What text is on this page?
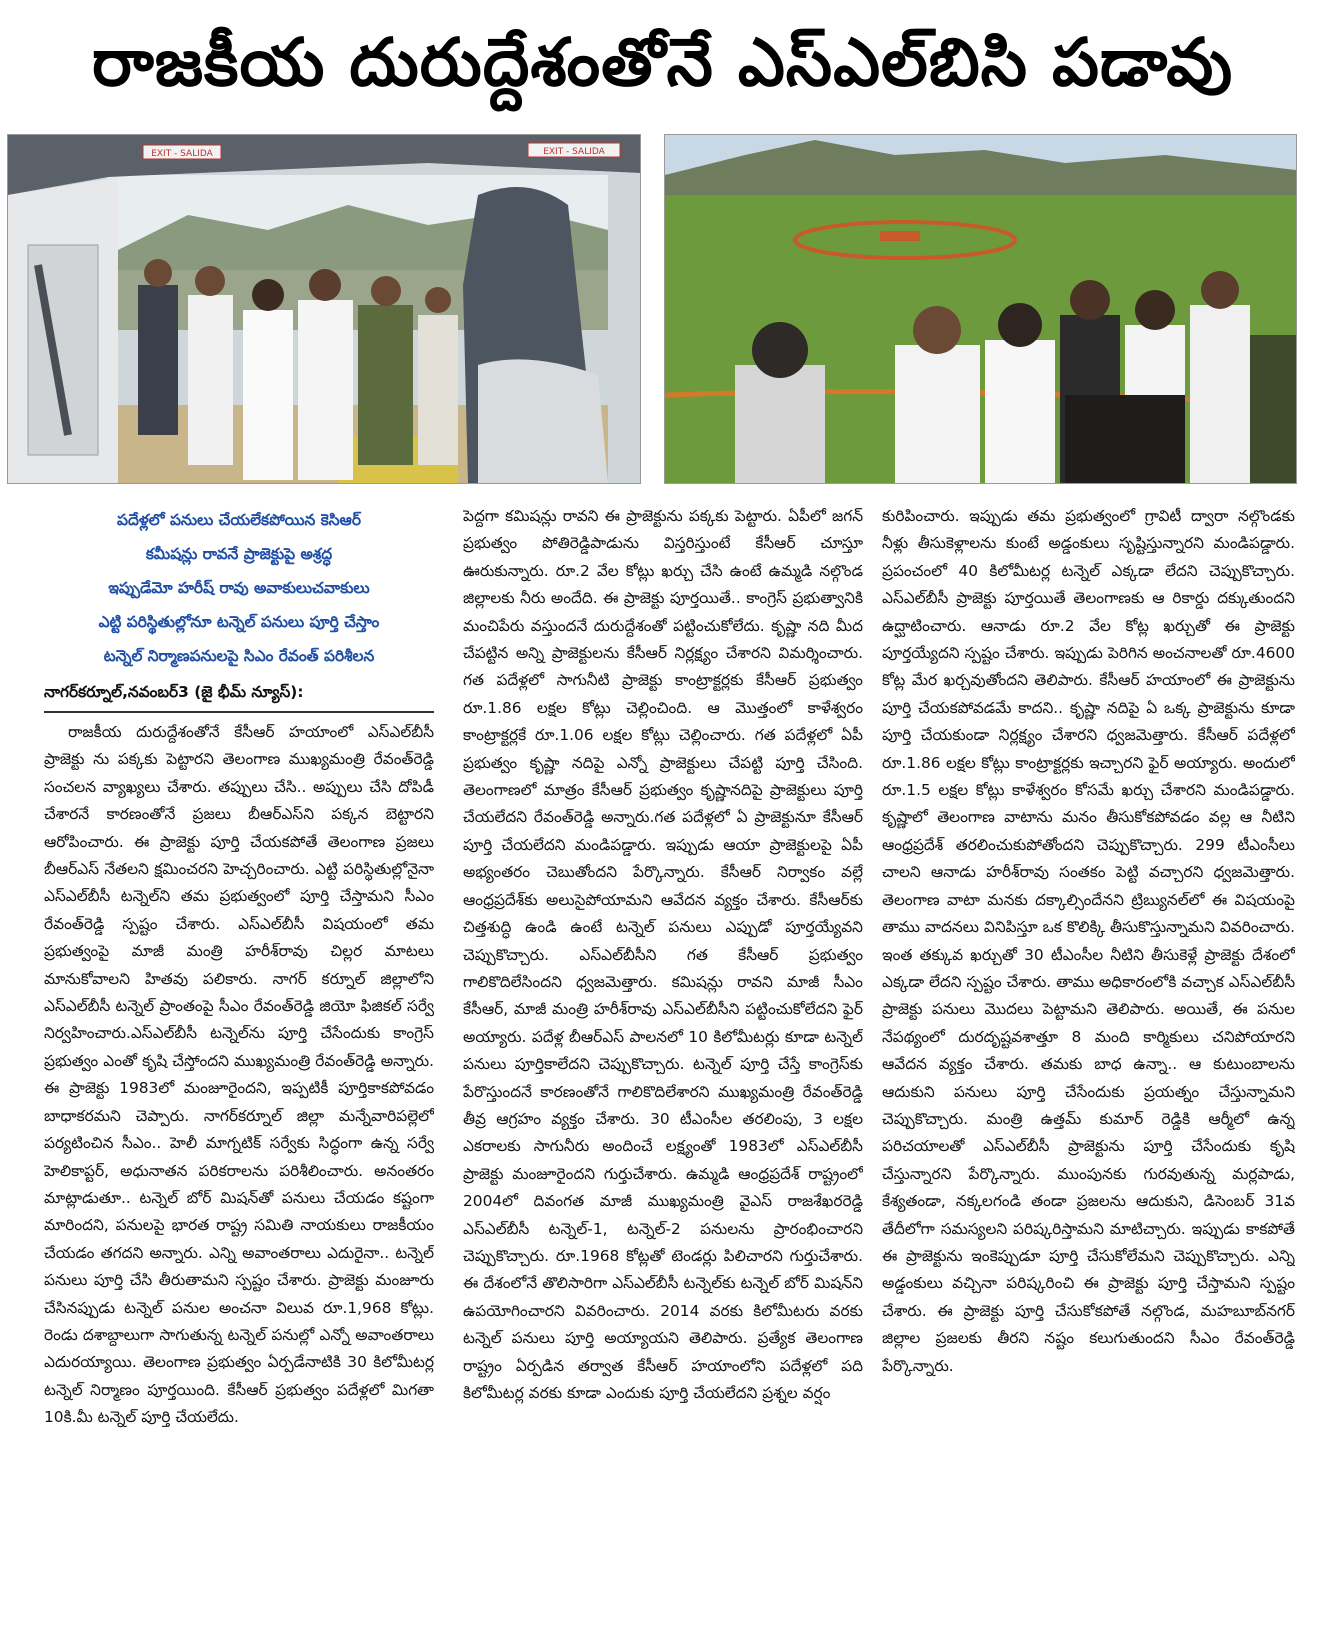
రాజకీయ దురుద్దేశంతోనే ఎస్ఎల్‌బిసి పడావు
EXIT - SALIDA	EXIT - SALIDA
పదేళ్లలో పనులు చేయలేకపోయిన కెసిఆర్
కమీషన్లు రావనే ప్రాజెక్టుపై అశ్రద్ధ
ఇప్పుడేమో హరీష్ రావు అవాకులుచవాకులు
ఎట్టి పరిస్థితుల్లోనూ టన్నెల్ పనులు పూర్తి చేస్తాం
టన్నెల్ నిర్మాణపనులపై సిఎం రేవంత్ పరిశీలన
నాగర్‌కర్నూల్,నవంబర్3 (జై భీమ్ న్యూస్):

రాజకీయ దురుద్దేశంతోనే కేసీఆర్ హయాంలో ఎస్‌ఎల్‌బీసీ ప్రాజెక్టు ను పక్కకు పెట్టారని తెలంగాణ ముఖ్యమంత్రి రేవంత్‌రెడ్డి సంచలన వ్యాఖ్యలు చేశారు. తప్పులు చేసి.. అప్పులు చేసి దోపిడీ చేశారనే కారణంతోనే ప్రజలు బీఆర్‌ఎస్‌ని పక్కన బెట్టారని ఆరోపించారు. ఈ ప్రాజెక్టు పూర్తి చేయకపోతే తెలంగాణ ప్రజలు బీఆర్‌ఎస్ నేతలని క్షమించరని హెచ్చరించారు. ఎట్టి పరిస్థితుల్లోనైనా ఎస్‌ఎల్‌బీసీ టన్నెల్‌ని తమ ప్రభుత్వంలో పూర్తి చేస్తామని సీఎం రేవంత్‌రెడ్డి స్పష్టం చేశారు. ఎస్‌ఎల్‌బీసీ విషయంలో తమ ప్రభుత్వంపై మాజీ మంత్రి హరీశ్‌రావు చిల్లర మాటలు మానుకోవాలని హితవు పలికారు. నాగర్ కర్నూల్ జిల్లాలోని ఎస్‌ఎల్‌బీసీ టన్నెల్ ప్రాంతంపై సీఎం రేవంత్‌రెడ్డి జియో ఫిజికల్ సర్వే నిర్వహించారు.ఎస్‌ఎల్‌బీసీ టన్నెల్‌ను పూర్తి చేసేందుకు కాంగ్రెస్ ప్రభుత్వం ఎంతో కృషి చేస్తోందని ముఖ్యమంత్రి రేవంత్‌రెడ్డి అన్నారు. ఈ ప్రాజెక్టు 1983లో మంజూరైందని, ఇప్పటికీ పూర్తికాకపోవడం బాధాకరమని చెప్పారు. నాగర్‌కర్నూల్ జిల్లా మన్నేవారిపల్లెలో పర్యటించిన సీఎం.. హెలీ మాగ్నటిక్ సర్వేకు సిద్ధంగా ఉన్న సర్వే హెలికాప్టర్, అధునాతన పరికరాలను పరిశీలించారు. అనంతరం మాట్లాడుతూ.. టన్నెల్ బోర్ మిషన్‌తో పనులు చేయడం కష్టంగా మారిందని, పనులపై భారత రాష్ట్ర సమితి నాయకులు రాజకీయం చేయడం తగదని అన్నారు. ఎన్ని అవాంతరాలు ఎదురైనా.. టన్నెల్ పనులు పూర్తి చేసి తీరుతామని స్పష్టం చేశారు. ప్రాజెక్టు మంజూరు చేసినప్పుడు టన్నెల్ పనుల అంచనా విలువ రూ.1,968 కోట్లు. రెండు దశాబ్దాలుగా సాగుతున్న టన్నెల్ పనుల్లో ఎన్నో అవాంతరాలు ఎదురయ్యాయి. తెలంగాణ ప్రభుత్వం ఏర్పడేనాటికి 30 కిలోమీటర్ల టన్నెల్ నిర్మాణం పూర్తయింది. కేసీఆర్ ప్రభుత్వం పదేళ్లలో మిగతా 10కి.మీ టన్నెల్ పూర్తి చేయలేదు.

పెద్దగా కమిషన్లు రావని ఈ ప్రాజెక్టును పక్కకు పెట్టారు. ఏపీలో జగన్ ప్రభుత్వం పోతిరెడ్డిపాడును విస్తరిస్తుంటే కేసీఆర్ చూస్తూ ఊరుకున్నారు. రూ.2 వేల కోట్లు ఖర్చు చేసి ఉంటే ఉమ్మడి నల్గొండ జిల్లాలకు నీరు అందేది. ఈ ప్రాజెక్టు పూర్తయితే.. కాంగ్రెస్ ప్రభుత్వానికి మంచిపేరు వస్తుందనే దురుద్దేశంతో పట్టించుకోలేదు. కృష్ణా నది మీద చేపట్టిన అన్ని ప్రాజెక్టులను కేసీఆర్ నిర్లక్ష్యం చేశారని విమర్శించారు. గత పదేళ్లలో సాగునీటి ప్రాజెక్టు కాంట్రాక్టర్లకు కేసీఆర్ ప్రభుత్వం రూ.1.86 లక్షల కోట్లు చెల్లించింది. ఆ మొత్తంలో కాళేశ్వరం కాంట్రాక్టర్లకే రూ.1.06 లక్షల కోట్లు చెల్లించారు. గత పదేళ్లలో ఏపీ ప్రభుత్వం కృష్ణా నదిపై ఎన్నో ప్రాజెక్టులు చేపట్టి పూర్తి చేసింది. తెలంగాణలో మాత్రం కేసీఆర్ ప్రభుత్వం కృష్ణానదిపై ప్రాజెక్టులు పూర్తి చేయలేదని రేవంత్‌రెడ్డి అన్నారు.గత పదేళ్లలో ఏ ప్రాజెక్టునూ కేసీఆర్ పూర్తి చేయలేదని మండిపడ్డారు. ఇప్పుడు ఆయా ప్రాజెక్టులపై ఏపీ అభ్యంతరం చెబుతోందని పేర్కొన్నారు. కేసీఆర్ నిర్వాకం వల్లే ఆంధ్రప్రదేశ్‌కు అలుసైపోయామని ఆవేదన వ్యక్తం చేశారు. కేసీఆర్‌కు చిత్తశుద్ధి ఉండి ఉంటే టన్నెల్ పనులు ఎప్పుడో పూర్తయ్యేవని చెప్పుకొచ్చారు. ఎస్‌ఎల్‌బీసీని గత కేసీఆర్ ప్రభుత్వం గాలికొదిలేసిందని ధ్వజమెత్తారు. కమిషన్లు రావని మాజీ సీఎం కేసీఆర్, మాజీ మంత్రి హరీశ్‌రావు ఎస్‌ఎల్‌బీసీని పట్టించుకోలేదని ఫైర్ అయ్యారు. పదేళ్ల బీఆర్‌ఎస్ పాలనలో 10 కిలోమీటర్లు కూడా టన్నెల్ పనులు పూర్తికాలేదని చెప్పుకొచ్చారు. టన్నెల్ పూర్తి చేస్తే కాంగ్రెస్‌కు పేరొస్తుందనే కారణంతోనే గాలికొదిలేశారని ముఖ్యమంత్రి రేవంత్‌రెడ్డి తీవ్ర ఆగ్రహం వ్యక్తం చేశారు. 30 టీఎంసీల తరలింపు, 3 లక్షల ఎకరాలకు సాగునీరు అందించే లక్ష్యంతో 1983లో ఎస్‌ఎల్‌బీసీ ప్రాజెక్టు మంజూరైందని గుర్తుచేశారు. ఉమ్మడి ఆంధ్రప్రదేశ్ రాష్ట్రంలో 2004లో దివంగత మాజీ ముఖ్యమంత్రి వైఎస్ రాజశేఖరరెడ్డి ఎస్‌ఎల్‌బీసీ టన్నెల్-1, టన్నెల్-2 పనులను ప్రారంభించారని చెప్పుకొచ్చారు. రూ.1968 కోట్లతో టెండర్లు పిలిచారని గుర్తుచేశారు. ఈ దేశంలోనే తొలిసారిగా ఎస్‌ఎల్‌బీసీ టన్నెల్‌కు టన్నెల్ బోర్ మిషన్‌ని ఉపయోగించారని వివరించారు. 2014 వరకు కిలోమీటరు వరకు టన్నెల్ పనులు పూర్తి అయ్యాయని తెలిపారు. ప్రత్యేక తెలంగాణ రాష్ట్రం ఏర్పడిన తర్వాత కేసీఆర్ హయాంలోని పదేళ్లలో పది కిలోమీటర్ల వరకు కూడా ఎందుకు పూర్తి చేయలేదని ప్రశ్నల వర్షం

కురిపించారు. ఇప్పుడు తమ ప్రభుత్వంలో గ్రావిటీ ద్వారా నల్గొండకు నీళ్లు తీసుకెళ్లాలను కుంటే అడ్డంకులు సృష్టిస్తున్నారని మండిపడ్డారు. ప్రపంచంలో 40 కిలోమీటర్ల టన్నెల్ ఎక్కడా లేదని చెప్పుకొచ్చారు. ఎస్‌ఎల్‌బీసీ ప్రాజెక్టు పూర్తయితే తెలంగాణకు ఆ రికార్డు దక్కుతుందని ఉద్ఘాటించారు. ఆనాడు రూ.2 వేల కోట్ల ఖర్చుతో ఈ ప్రాజెక్టు పూర్తయ్యేదని స్పష్టం చేశారు. ఇప్పుడు పెరిగిన అంచనాలతో రూ.4600 కోట్ల మేర ఖర్చవుతోందని తెలిపారు. కేసీఆర్ హయాంలో ఈ ప్రాజెక్టును పూర్తి చేయకపోవడమే కాదని.. కృష్ణా నదిపై ఏ ఒక్క ప్రాజెక్టును కూడా పూర్తి చేయకుండా నిర్లక్ష్యం చేశారని ధ్వజమెత్తారు. కేసీఆర్ పదేళ్లలో రూ.1.86 లక్షల కోట్లు కాంట్రాక్టర్లకు ఇచ్చారని ఫైర్ అయ్యారు. అందులో రూ.1.5 లక్షల కోట్లు కాళేశ్వరం కోసమే ఖర్చు చేశారని మండిపడ్డారు. కృష్ణాలో తెలంగాణ వాటాను మనం తీసుకోకపోవడం వల్ల ఆ నీటిని ఆంధ్రప్రదేశ్ తరలించుకుపోతోందని చెప్పుకొచ్చారు. 299 టీఎంసీలు చాలని ఆనాడు హరీశ్‌రావు సంతకం పెట్టి వచ్చారని ధ్వజమెత్తారు. తెలంగాణ వాటా మనకు దక్కాల్సిందేనని ట్రిబ్యునల్‌లో ఈ విషయంపై తాము వాదనలు వినిపిస్తూ ఒక కొలిక్కి తీసుకొస్తున్నామని వివరించారు. ఇంత తక్కువ ఖర్చుతో 30 టీఎంసీల నీటిని తీసుకెళ్లే ప్రాజెక్టు దేశంలో ఎక్కడా లేదని స్పష్టం చేశారు. తాము అధికారంలోకి వచ్చాక ఎస్‌ఎల్‌బీసీ ప్రాజెక్టు పనులు మొదలు పెట్టామని తెలిపారు. అయితే, ఈ పనుల నేపథ్యంలో దురదృష్టవశాత్తూ 8 మంది కార్మికులు చనిపోయారని ఆవేదన వ్యక్తం చేశారు. తమకు బాధ ఉన్నా.. ఆ కుటుంబాలను ఆదుకుని పనులు పూర్తి చేసేందుకు ప్రయత్నం చేస్తున్నామని చెప్పుకొచ్చారు. మంత్రి ఉత్తమ్ కుమార్ రెడ్డికి ఆర్మీలో ఉన్న పరిచయాలతో ఎస్‌ఎల్‌బీసీ ప్రాజెక్టును పూర్తి చేసేందుకు కృషి చేస్తున్నారని పేర్కొన్నారు. ముంపునకు గురవుతున్న మర్లపాడు, కేశ్యతండా, నక్కలగండి తండా ప్రజలను ఆదుకుని, డిసెంబర్ 31వ తేదీలోగా సమస్యలని పరిష్కరిస్తామని మాటిచ్చారు. ఇప్పుడు కాకపోతే ఈ ప్రాజెక్టును ఇంకెప్పుడూ పూర్తి చేసుకోలేమని చెప్పుకొచ్చారు. ఎన్ని అడ్డంకులు వచ్చినా పరిష్కరించి ఈ ప్రాజెక్టు పూర్తి చేస్తామని స్పష్టం చేశారు. ఈ ప్రాజెక్టు పూర్తి చేసుకోకపోతే నల్గొండ, మహబూబ్‌నగర్ జిల్లాల ప్రజలకు తీరని నష్టం కలుగుతుందని సీఎం రేవంత్‌రెడ్డి పేర్కొన్నారు.
